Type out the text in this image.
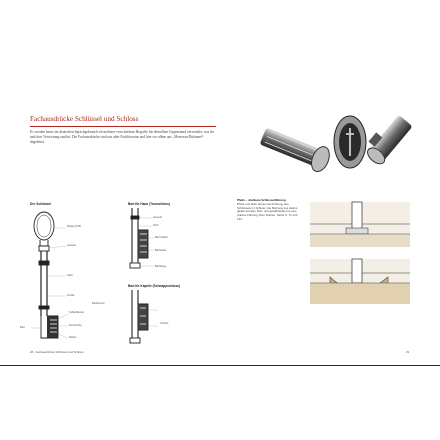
Fachausdrücke Schlüssel und Schloss
Es werden heute im deutschen Sprachgebrauch oft mehrere verschiedene Begriffe für denselben Gegenstand verwendet, was da und dort Verwirrung auslöst. Die Fachausdrücke sind aus alter Fachliteratur und hier vor allem aus „Monceau-Duhamel“ abgeleitet.
Der Schlüssel
Reide (Griff)
Gesenk
Halm
Schaft
Bart
Schließkante
Einschnitte
Reifen
Bart für Haus (Tourschloss)
Gesenk
Rohr
Bart-Reifen
Bartbreite
Bartlänge
Bart für Kapelle (Schnappschloss)
Bartformen
Vorbart
28 · Fachausdrücke Schlüssel und Schloss
Pfeife – drehbare Schlüsselführung
Pfeife und Rohr dienen der Führung des Schlüssels im Schloss; die Bohrung des Halms gleitet auf dem Dorn und gewährleistet so eine präzise Führung beim Drehen. Siehe S. 71 und 133
29
